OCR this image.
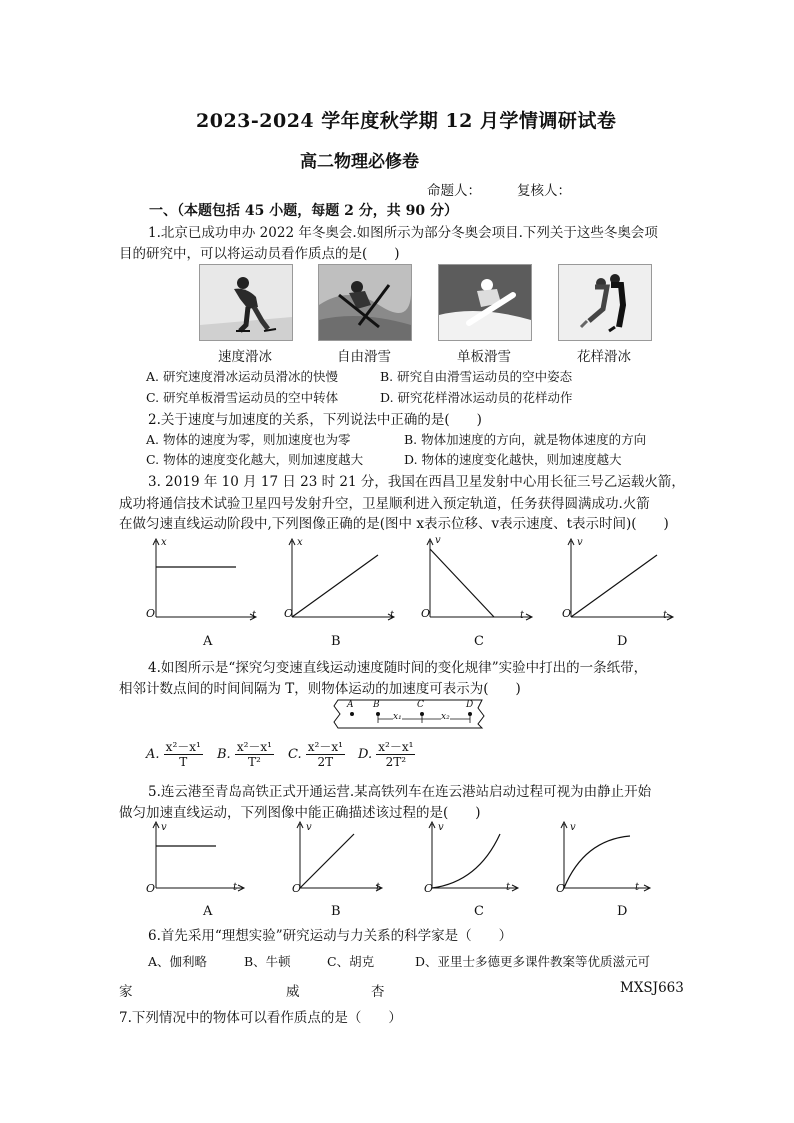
2023-2024 学年度秋学期 12 月学情调研试卷
高二物理必修卷
命题人：	复核人：
一、（本题包括 45 小题，每题 2 分，共 90 分）
1.北京已成功申办 2022 年冬奥会.如图所示为部分冬奥会项目.下列关于这些冬奥会项
目的研究中，可以将运动员看作质点的是(　　)
速度滑冰	自由滑雪	单板滑雪	花样滑冰
A. 研究速度滑冰运动员滑冰的快慢	B. 研究自由滑雪运动员的空中姿态
C. 研究单板滑雪运动员的空中转体	D. 研究花样滑冰运动员的花样动作
2.关于速度与加速度的关系，下列说法中正确的是(　　)
A. 物体的速度为零，则加速度也为零	B. 物体加速度的方向，就是物体速度的方向
C. 物体的速度变化越大，则加速度越大	D. 物体的速度变化越快，则加速度越大
3. 2019 年 10 月 17 日 23 时 21 分，我国在西昌卫星发射中心用长征三号乙运载火箭，
成功将通信技术试验卫星四号发射升空，卫星顺利进入预定轨道，任务获得圆满成功.火箭
在做匀速直线运动阶段中,下列图像正确的是(图中 x表示位移、v表示速度、t表示时间)(　　)
x
O	t
A
x
O	t
B
v
O	t
C
v
O	t
D
4.如图所示是“探究匀变速直线运动速度随时间的变化规律”实验中打出的一条纸带，
相邻计数点间的时间间隔为 T，则物体运动的加速度可表示为(　　)
A B	C	D
x₁	x₂
A. $\frac{\text{x²－x¹}}{T} B$. $\frac{\text{x²－x¹}}{\text{T²}} C$. $\frac{\text{x²－x¹}}{2T} D$. $\frac{\text{x²－x¹}}{\text{2T²}}$
5.连云港至青岛高铁正式开通运营.某高铁列车在连云港站启动过程可视为由静止开始
做匀加速直线运动，下列图像中能正确描述该过程的是(　　)
v
O	t
A
v
O	t
B
v
O	t
C
v
O	t
D
6.首先采用“理想实验”研究运动与力关系的科学家是（　　）
A、伽利略	B、牛顿	C、胡克	D、亚里士多德更多课件教案等优质滋元可
家	威	杏	MXSJ663
7.下列情况中的物体可以看作质点的是（　　）
